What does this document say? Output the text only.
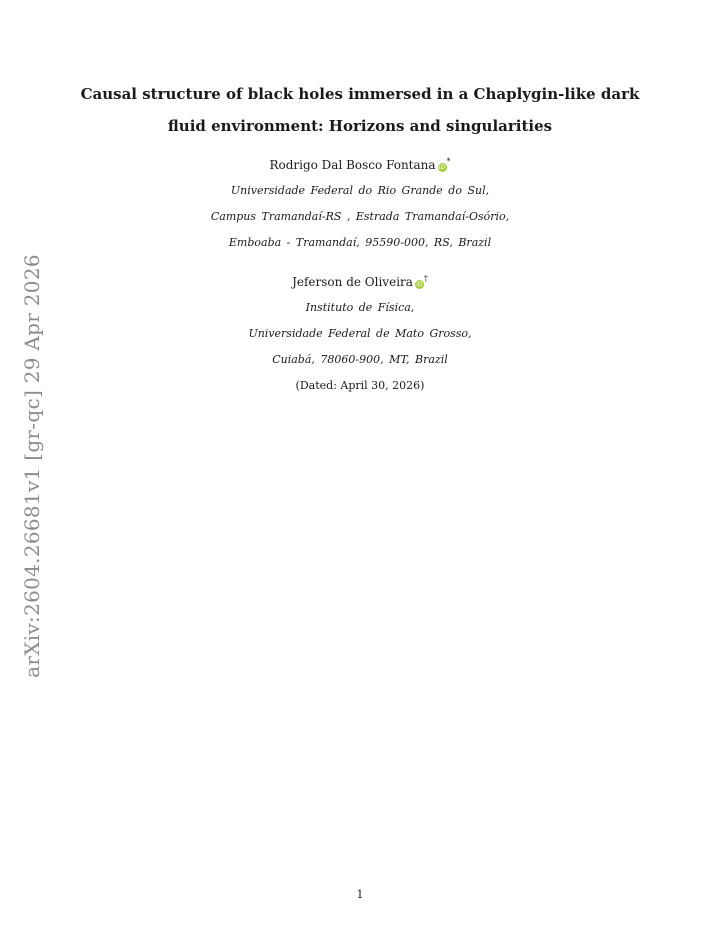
arXiv:2604.26681v1 [gr-qc] 29 Apr 2026
Causal structure of black holes immersed in a Chaplygin-like dark
fluid environment: Horizons and singularities
Rodrigo Dal Bosco Fontana iD*
Universidade Federal do Rio Grande do Sul,
Campus Tramandaí-RS , Estrada Tramandaí-Osório,
Emboaba - Tramandaí, 95590-000, RS, Brazil
Jeferson de Oliveira iD†
Instituto de Física,
Universidade Federal de Mato Grosso,
Cuiabá, 78060-900, MT, Brazil
(Dated: April 30, 2026)
1
